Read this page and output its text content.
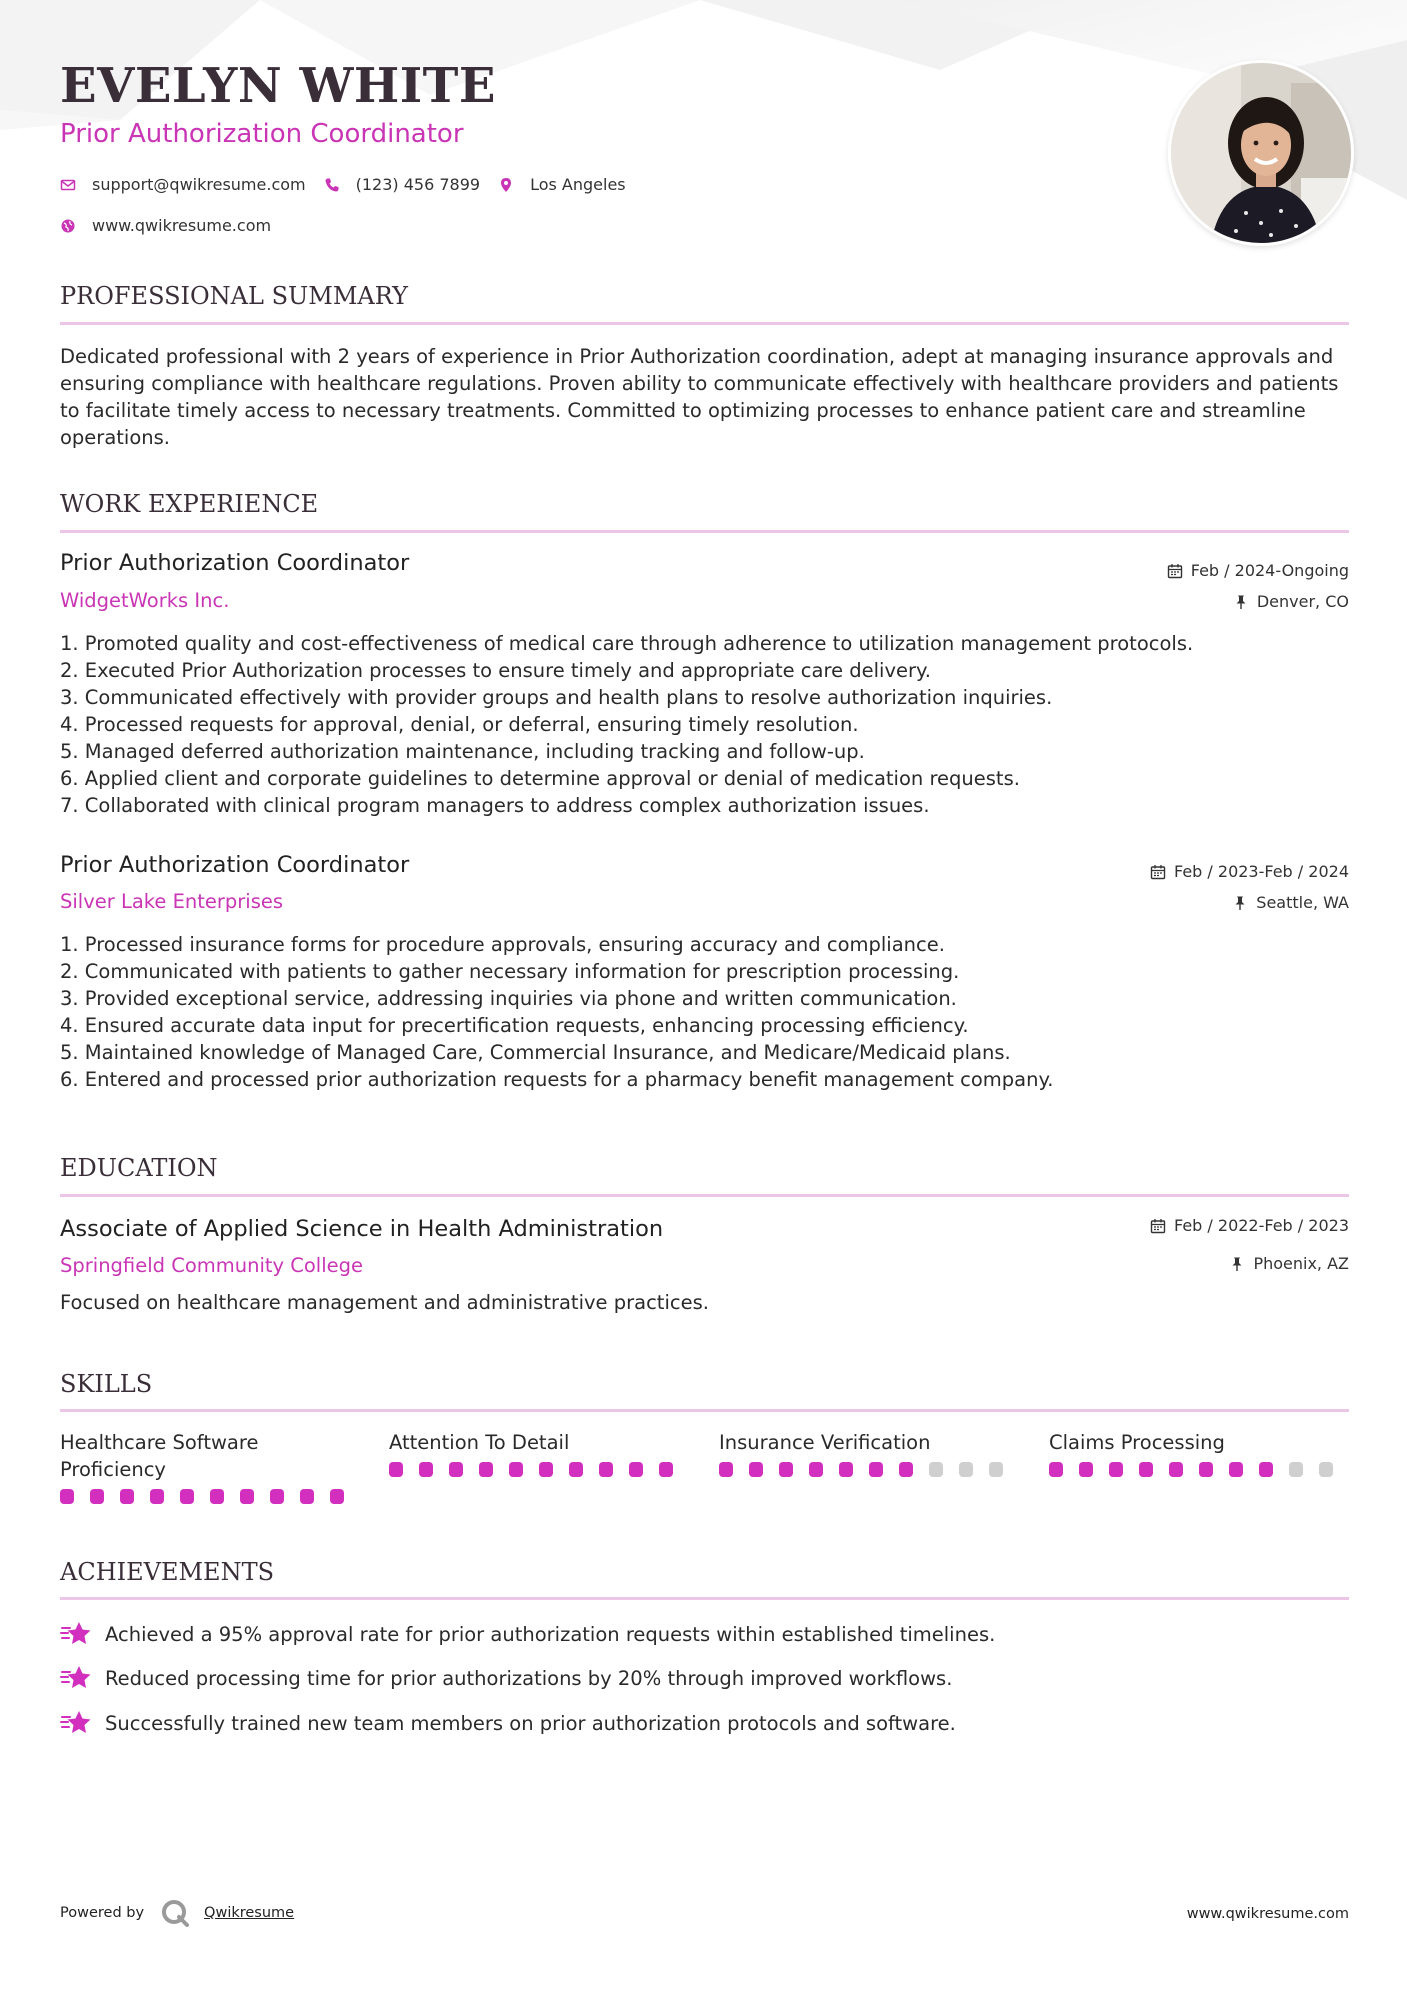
EVELYN WHITE
Prior Authorization Coordinator
support@qwikresume.com	(123) 456 7899	Los Angeles
www.qwikresume.com
PROFESSIONAL SUMMARY
Dedicated professional with 2 years of experience in Prior Authorization coordination, adept at managing insurance approvals and ensuring compliance with healthcare regulations. Proven ability to communicate effectively with healthcare providers and patients to facilitate timely access to necessary treatments. Committed to optimizing processes to enhance patient care and streamline operations.
WORK EXPERIENCE
Prior Authorization Coordinator
WidgetWorks Inc.
Feb / 2024-Ongoing
Denver, CO
1. Promoted quality and cost-effectiveness of medical care through adherence to utilization management protocols.
2. Executed Prior Authorization processes to ensure timely and appropriate care delivery.
3. Communicated effectively with provider groups and health plans to resolve authorization inquiries.
4. Processed requests for approval, denial, or deferral, ensuring timely resolution.
5. Managed deferred authorization maintenance, including tracking and follow-up.
6. Applied client and corporate guidelines to determine approval or denial of medication requests.
7. Collaborated with clinical program managers to address complex authorization issues.
Prior Authorization Coordinator
Silver Lake Enterprises
Feb / 2023-Feb / 2024
Seattle, WA
1. Processed insurance forms for procedure approvals, ensuring accuracy and compliance.
2. Communicated with patients to gather necessary information for prescription processing.
3. Provided exceptional service, addressing inquiries via phone and written communication.
4. Ensured accurate data input for precertification requests, enhancing processing efficiency.
5. Maintained knowledge of Managed Care, Commercial Insurance, and Medicare/Medicaid plans.
6. Entered and processed prior authorization requests for a pharmacy benefit management company.
EDUCATION
Associate of Applied Science in Health Administration
Springfield Community College
Feb / 2022-Feb / 2023
Phoenix, AZ
Focused on healthcare management and administrative practices.
SKILLS
Healthcare Software Proficiency
Attention To Detail	Insurance Verification	Claims Processing
ACHIEVEMENTS
Achieved a 95% approval rate for prior authorization requests within established timelines.
Reduced processing time for prior authorizations by 20% through improved workflows.
Successfully trained new team members on prior authorization protocols and software.
Powered by	Qwikresume	www.qwikresume.com
